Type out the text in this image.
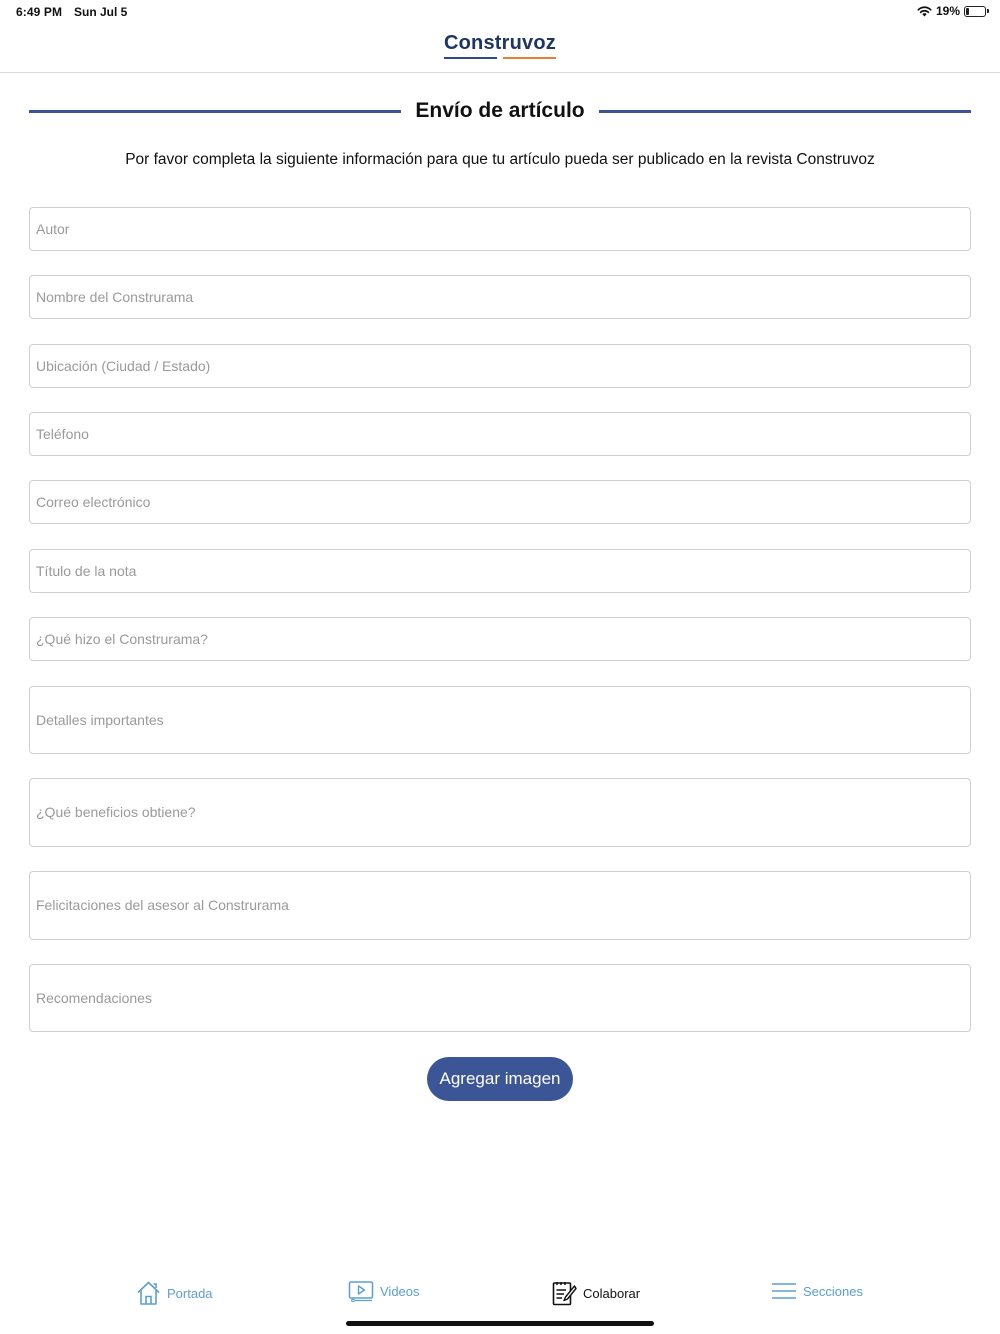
6:49 PM Sun Jul 5	19%
Construvoz
Envío de artículo
Por favor completa la siguiente información para que tu artículo pueda ser publicado en la revista Construvoz
Autor
Nombre del Construrama
Ubicación (Ciudad / Estado)
Teléfono
Correo electrónico
Título de la nota
¿Qué hizo el Construrama?
Detalles importantes
¿Qué beneficios obtiene?
Felicitaciones del asesor al Construrama
Recomendaciones
Agregar imagen
Portada	Videos	Colaborar	Secciones
